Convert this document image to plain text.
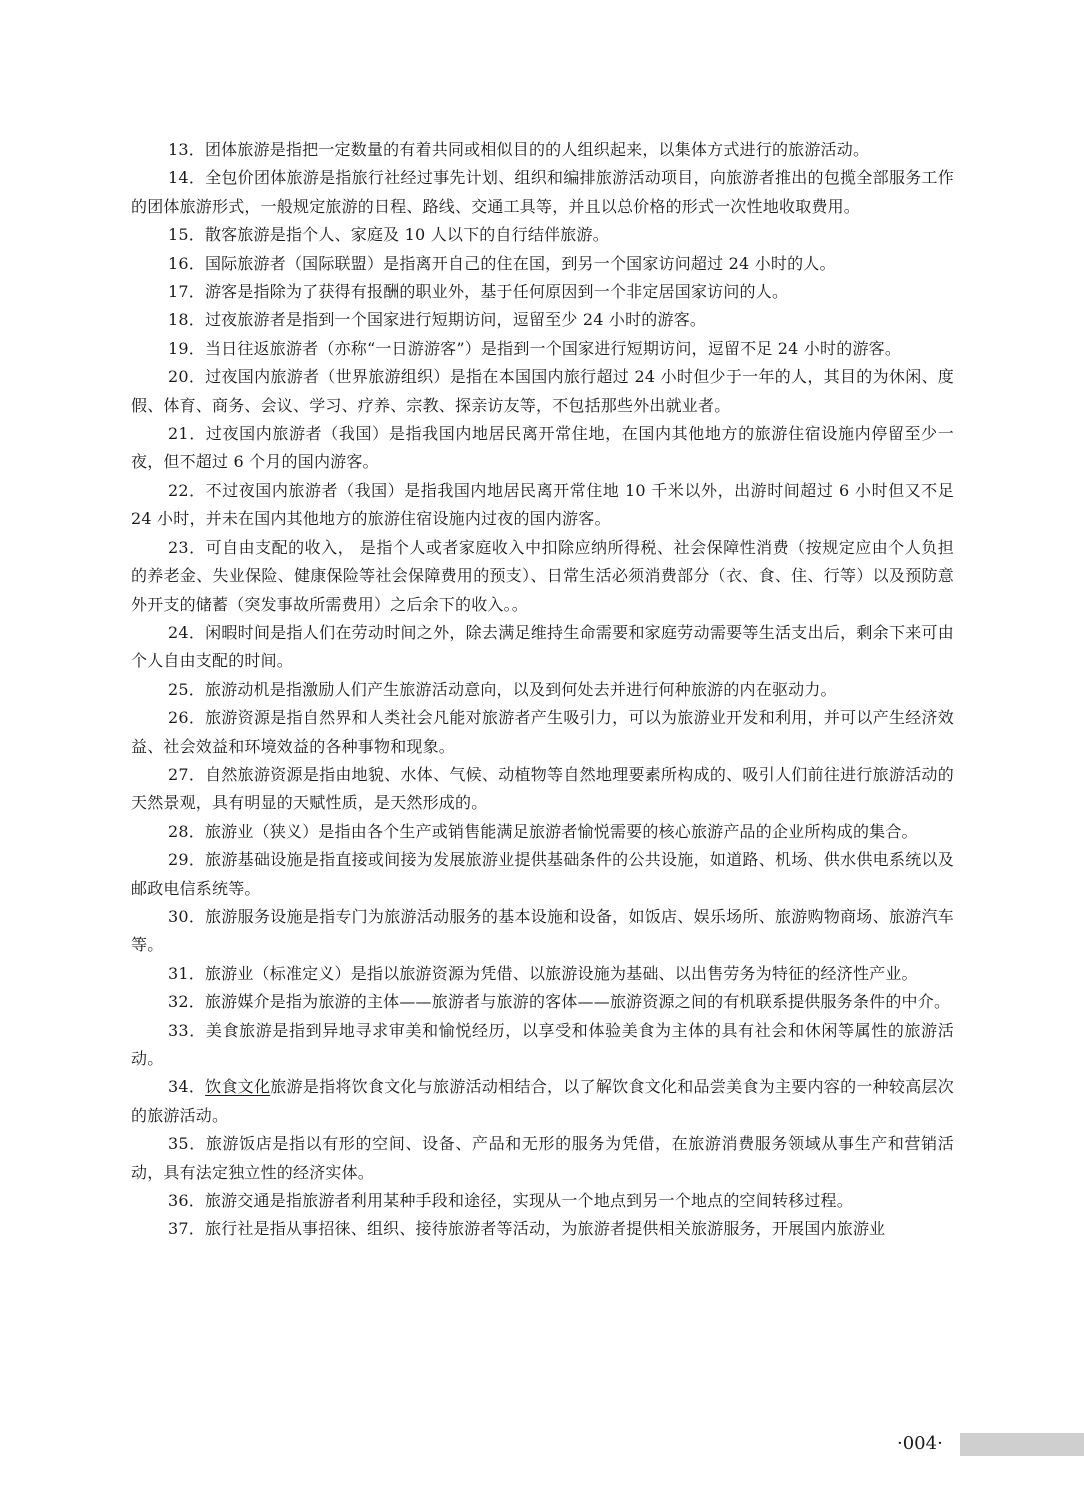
13．团体旅游是指把一定数量的有着共同或相似目的的人组织起来，以集体方式进行的旅游活动。

14．全包价团体旅游是指旅行社经过事先计划、组织和编排旅游活动项目，向旅游者推出的包揽全部服务工作的团体旅游形式，一般规定旅游的日程、路线、交通工具等，并且以总价格的形式一次性地收取费用。

15．散客旅游是指个人、家庭及 10 人以下的自行结伴旅游。

16．国际旅游者（国际联盟）是指离开自己的住在国，到另一个国家访问超过 24 小时的人。

17．游客是指除为了获得有报酬的职业外，基于任何原因到一个非定居国家访问的人。

18．过夜旅游者是指到一个国家进行短期访问，逗留至少 24 小时的游客。

19．当日往返旅游者（亦称“一日游游客”）是指到一个国家进行短期访问，逗留不足 24 小时的游客。

20．过夜国内旅游者（世界旅游组织）是指在本国国内旅行超过 24 小时但少于一年的人，其目的为休闲、度假、体育、商务、会议、学习、疗养、宗教、探亲访友等，不包括那些外出就业者。

21．过夜国内旅游者（我国）是指我国内地居民离开常住地，在国内其他地方的旅游住宿设施内停留至少一夜，但不超过 6 个月的国内游客。

22．不过夜国内旅游者（我国）是指我国内地居民离开常住地 10 千米以外，出游时间超过 6 小时但又不足 24 小时，并未在国内其他地方的旅游住宿设施内过夜的国内游客。

23．可自由支配的收入， 是指个人或者家庭收入中扣除应纳所得税、社会保障性消费（按规定应由个人负担的养老金、失业保险、健康保险等社会保障费用的预支）、日常生活必须消费部分（衣、食、住、行等）以及预防意外开支的储蓄（突发事故所需费用）之后余下的收入。。

24．闲暇时间是指人们在劳动时间之外，除去满足维持生命需要和家庭劳动需要等生活支出后，剩余下来可由个人自由支配的时间。

25．旅游动机是指激励人们产生旅游活动意向，以及到何处去并进行何种旅游的内在驱动力。

26．旅游资源是指自然界和人类社会凡能对旅游者产生吸引力，可以为旅游业开发和利用，并可以产生经济效益、社会效益和环境效益的各种事物和现象。

27．自然旅游资源是指由地貌、水体、气候、动植物等自然地理要素所构成的、吸引人们前往进行旅游活动的天然景观，具有明显的天赋性质，是天然形成的。

28．旅游业（狭义）是指由各个生产或销售能满足旅游者愉悦需要的核心旅游产品的企业所构成的集合。

29．旅游基础设施是指直接或间接为发展旅游业提供基础条件的公共设施，如道路、机场、供水供电系统以及邮政电信系统等。

30．旅游服务设施是指专门为旅游活动服务的基本设施和设备，如饭店、娱乐场所、旅游购物商场、旅游汽车等。

31．旅游业（标准定义）是指以旅游资源为凭借、以旅游设施为基础、以出售劳务为特征的经济性产业。

32．旅游媒介是指为旅游的主体——旅游者与旅游的客体——旅游资源之间的有机联系提供服务条件的中介。

33．美食旅游是指到异地寻求审美和愉悦经历，以享受和体验美食为主体的具有社会和休闲等属性的旅游活动。

34．饮食文化旅游是指将饮食文化与旅游活动相结合，以了解饮食文化和品尝美食为主要内容的一种较高层次的旅游活动。

35．旅游饭店是指以有形的空间、设备、产品和无形的服务为凭借，在旅游消费服务领域从事生产和营销活动，具有法定独立性的经济实体。

36．旅游交通是指旅游者利用某种手段和途径，实现从一个地点到另一个地点的空间转移过程。

37．旅行社是指从事招徕、组织、接待旅游者等活动，为旅游者提供相关旅游服务，开展国内旅游业

·004·
